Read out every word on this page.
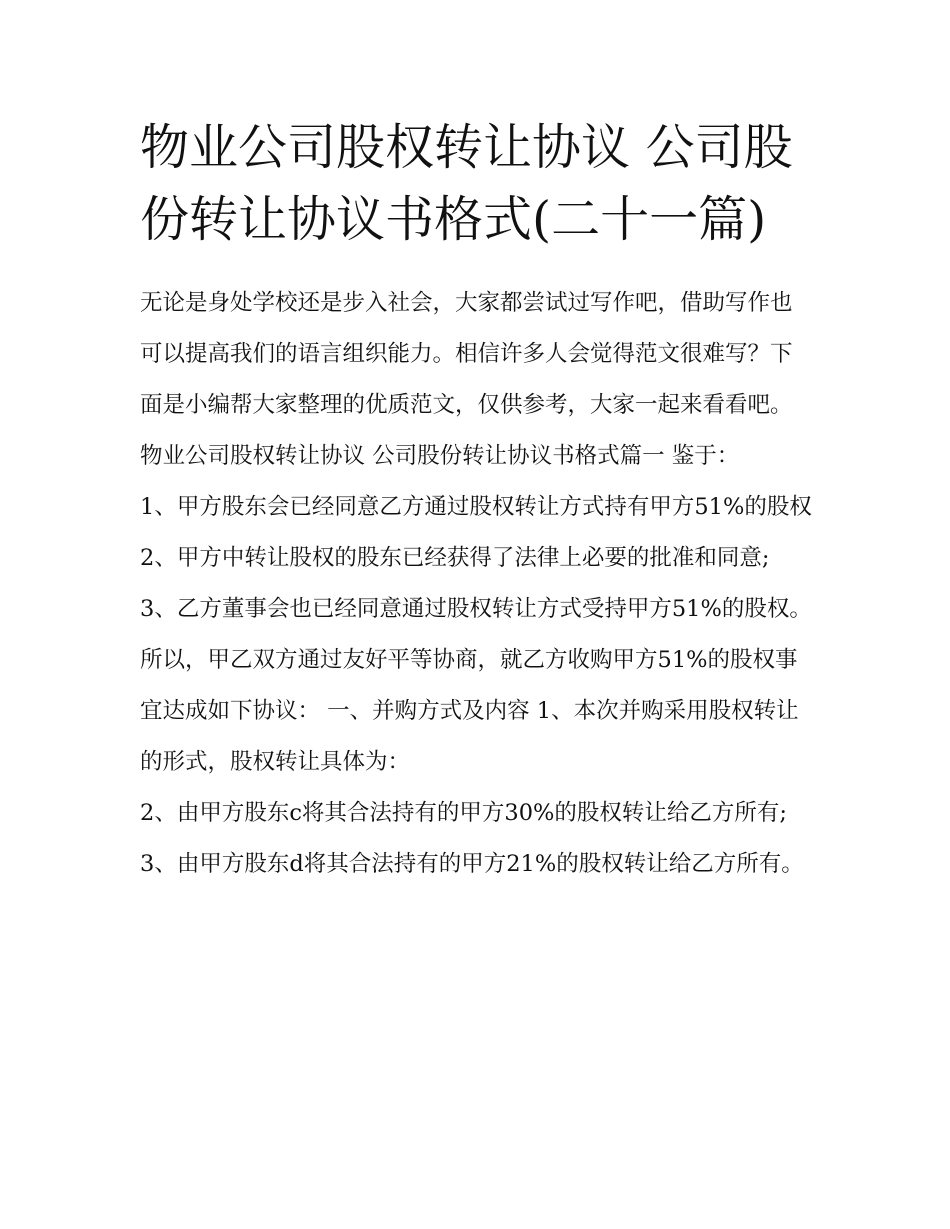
物业公司股权转让协议 公司股份转让协议书格式(二十一篇)

无论是身处学校还是步入社会，大家都尝试过写作吧，借助写作也可以提高我们的语言组织能力。相信许多人会觉得范文很难写？下面是小编帮大家整理的优质范文，仅供参考，大家一起来看看吧。

物业公司股权转让协议 公司股份转让协议书格式篇一 鉴于：

1、甲方股东会已经同意乙方通过股权转让方式持有甲方51%的股权

2、甲方中转让股权的股东已经获得了法律上必要的批准和同意; 3、乙方董事会也已经同意通过股权转让方式受持甲方51%的股权。

所以，甲乙双方通过友好平等协商，就乙方收购甲方51%的股权事宜达成如下协议： 一、并购方式及内容 1、本次并购采用股权转让的形式，股权转让具体为：

2、由甲方股东c将其合法持有的甲方30%的股权转让给乙方所有; 3、由甲方股东d将其合法持有的甲方21%的股权转让给乙方所有。
